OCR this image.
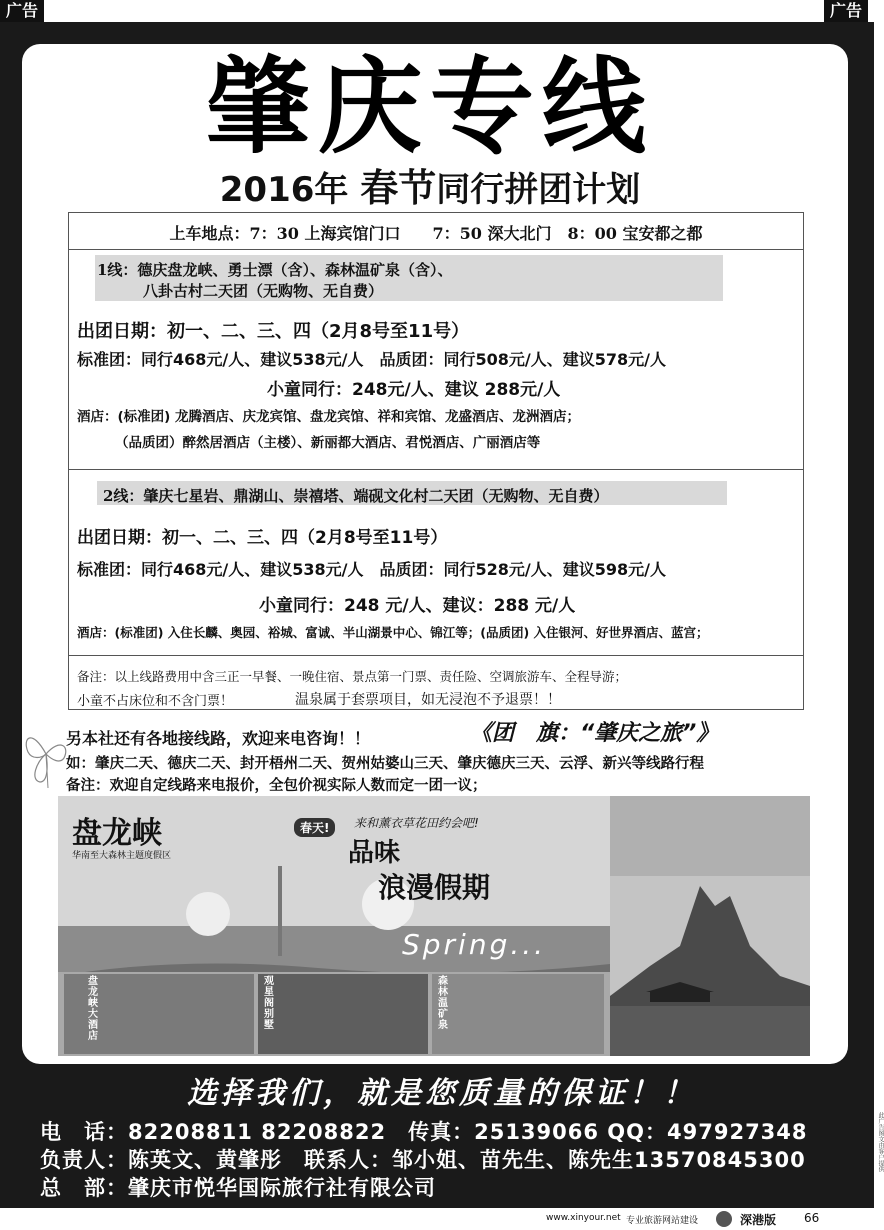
广告	广告
肇庆专线
2016年 春节同行拼团计划
上车地点：7：30 上海宾馆门口　　7：50 深大北门　8：00 宝安都之都
1线：德庆盘龙峡、勇士漂（含）、森林温矿泉（含）、
八卦古村二天团（无购物、无自费）
出团日期：初一、二、三、四（2月8号至11号）
标准团：同行468元/人、建议538元/人　品质团：同行508元/人、建议578元/人
小童同行：248元/人、建议 288元/人
酒店：(标准团) 龙腾酒店、庆龙宾馆、盘龙宾馆、祥和宾馆、龙盛酒店、龙洲酒店；
（品质团）醉然居酒店（主楼）、新丽都大酒店、君悦酒店、广丽酒店等
2线：肇庆七星岩、鼎湖山、崇禧塔、端砚文化村二天团（无购物、无自费）
出团日期：初一、二、三、四（2月8号至11号）
标准团：同行468元/人、建议538元/人　品质团：同行528元/人、建议598元/人
小童同行：248 元/人、建议：288 元/人
酒店：(标准团) 入住长麟、奥园、裕城、富诚、半山湖景中心、锦江等；(品质团) 入住银河、好世界酒店、蓝宫；
备注：以上线路费用中含三正一早餐、一晚住宿、景点第一门票、责任险、空调旅游车、全程导游；
小童不占床位和不含门票！	温泉属于套票项目，如无浸泡不予退票！！
另本社还有各地接线路，欢迎来电咨询！！	《团　旗：“肇庆之旅”》
如：肇庆二天、德庆二天、封开梧州二天、贺州姑婆山三天、肇庆德庆三天、云浮、新兴等线路行程
备注：欢迎自定线路来电报价，全包价视实际人数而定一团一议；
盘龙峡
华南至大森林主题度假区
春天!	来和薰衣草花田约会吧!
品味
浪漫假期
Spring...
盘龙峡大酒店
观星阁别墅
森林温矿泉
选择我们，就是您质量的保证！！
电　话：82208811 82208822　传真：25139066 QQ：497927348
负责人：陈英文、黄肇彤　联系人：邹小姐、苗先生、陈先生13570845300
总　部：肇庆市悦华国际旅行社有限公司
此广告图文由客户提供
www.xinyour.net 专业旅游网站建设	深港版 66
